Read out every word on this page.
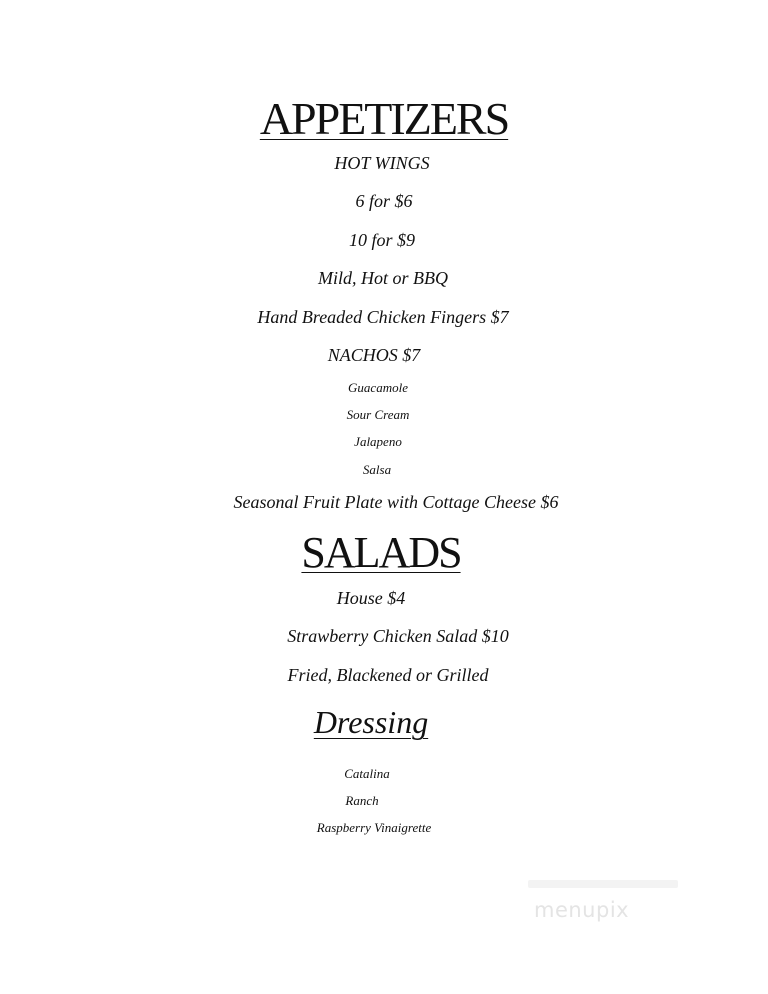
APPETIZERS
HOT WINGS
6 for $6
10 for $9
Mild, Hot or BBQ
Hand Breaded Chicken Fingers $7
NACHOS $7
Guacamole
Sour Cream
Jalapeno
Salsa
Seasonal Fruit Plate with Cottage Cheese $6
SALADS
House $4
Strawberry Chicken Salad $10
Fried, Blackened or Grilled
Dressing
Catalina
Ranch
Raspberry Vinaigrette
menupix
